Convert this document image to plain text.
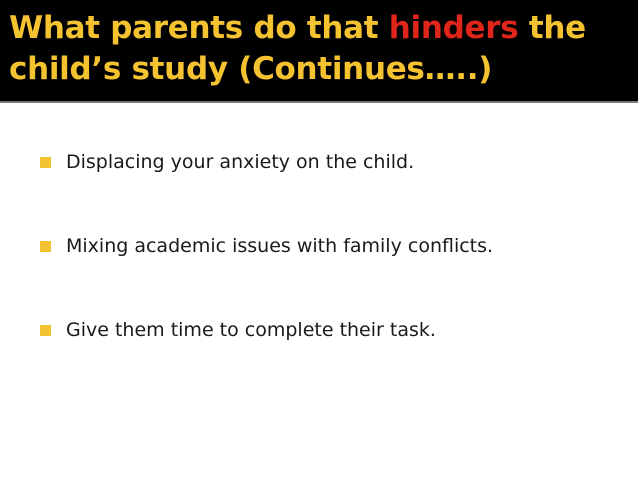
What parents do that hinders the
child’s study (Continues…..)
Displacing your anxiety on the child.
Mixing academic issues with family conflicts.
Give them time to complete their task.
